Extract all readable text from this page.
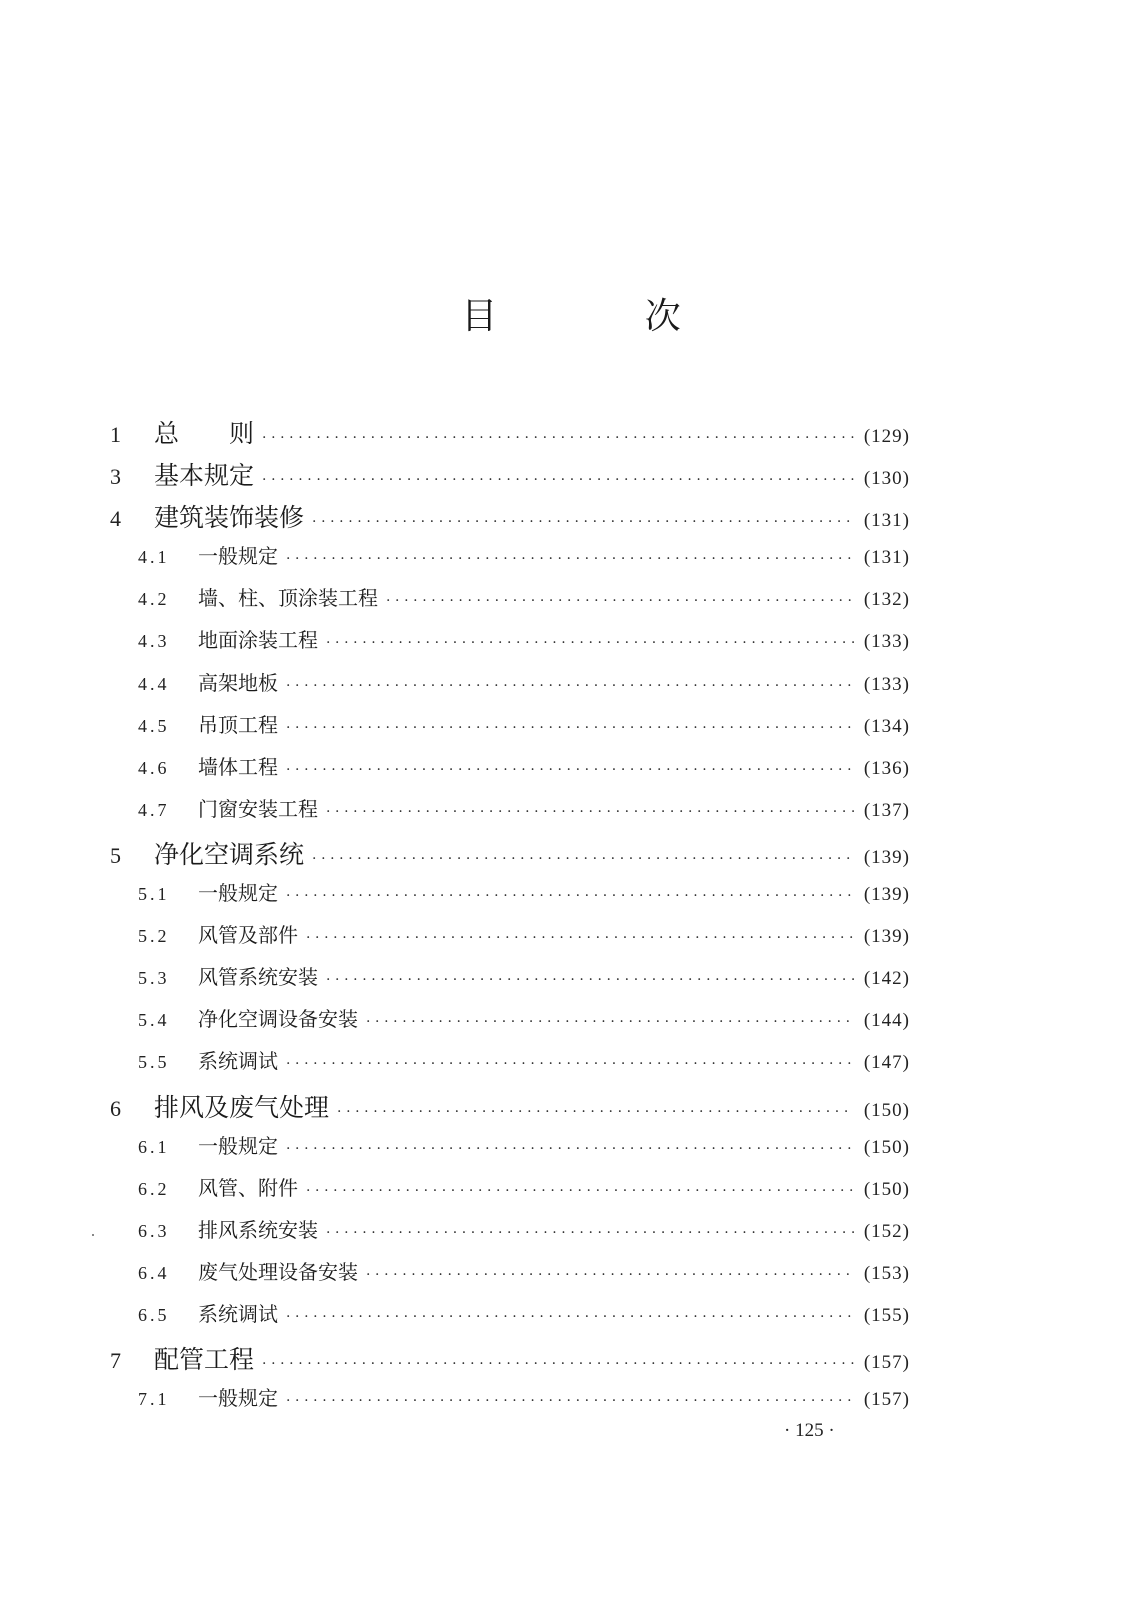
目 次
1	总　　则 ·····	(129)
3	基本规定 ·····	(130)
4	建筑装饰装修 ·····	(131)
4.1	一般规定 ·····	(131)
4.2	墙、柱、顶涂装工程 ·····	(132)
4.3	地面涂装工程 ·····	(133)
4.4	高架地板 ·····	(133)
4.5	吊顶工程 ·····	(134)
4.6	墙体工程 ·····	(136)
4.7	门窗安装工程 ·····	(137)
5	净化空调系统 ·····	(139)
5.1	一般规定 ·····	(139)
5.2	风管及部件 ·····	(139)
5.3	风管系统安装 ·····	(142)
5.4	净化空调设备安装 ·····	(144)
5.5	系统调试 ·····	(147)
6	排风及废气处理 ·····	(150)
6.1	一般规定 ·····	(150)
6.2	风管、附件 ·····	(150)
6.3	排风系统安装 ·····	(152)
6.4	废气处理设备安装 ·····	(153)
6.5	系统调试 ·····	(155)
7	配管工程 ·····	(157)
7.1	一般规定 ·····	(157)
· 125 ·
